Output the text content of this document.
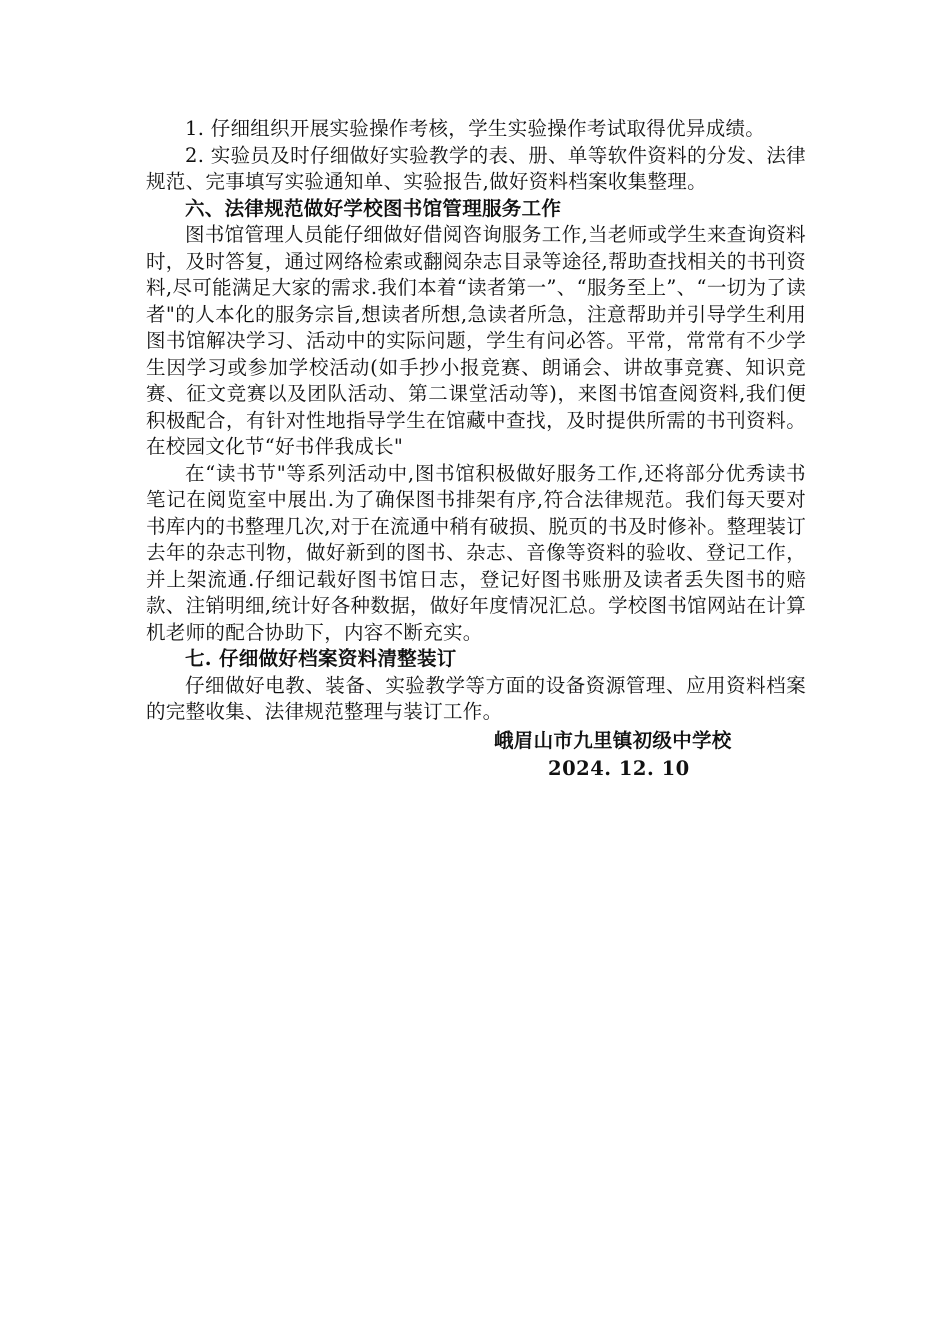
1. 仔细组织开展实验操作考核，学生实验操作考试取得优异成绩。

2. 实验员及时仔细做好实验教学的表、册、单等软件资料的分发、法律规范、完事填写实验通知单、实验报告,做好资料档案收集整理。

六、法律规范做好学校图书馆管理服务工作

图书馆管理人员能仔细做好借阅咨询服务工作,当老师或学生来查询资料时，及时答复，通过网络检索或翻阅杂志目录等途径,帮助查找相关的书刊资料,尽可能满足大家的需求.我们本着“读者第一”、“服务至上”、“一切为了读者"的人本化的服务宗旨,想读者所想,急读者所急，注意帮助并引导学生利用图书馆解决学习、活动中的实际问题，学生有问必答。平常，常常有不少学生因学习或参加学校活动(如手抄小报竞赛、朗诵会、讲故事竞赛、知识竞赛、征文竞赛以及团队活动、第二课堂活动等)，来图书馆查阅资料,我们便积极配合，有针对性地指导学生在馆藏中查找，及时提供所需的书刊资料。在校园文化节“好书伴我成长"

在“读书节"等系列活动中,图书馆积极做好服务工作,还将部分优秀读书笔记在阅览室中展出.为了确保图书排架有序,符合法律规范。我们每天要对书库内的书整理几次,对于在流通中稍有破损、脱页的书及时修补。整理装订去年的杂志刊物，做好新到的图书、杂志、音像等资料的验收、登记工作，并上架流通.仔细记载好图书馆日志，登记好图书账册及读者丢失图书的赔款、注销明细,统计好各种数据，做好年度情况汇总。学校图书馆网站在计算机老师的配合协助下，内容不断充实。

七. 仔细做好档案资料清整装订

仔细做好电教、装备、实验教学等方面的设备资源管理、应用资料档案的完整收集、法律规范整理与装订工作。

峨眉山市九里镇初级中学校

2024. 12. 10
